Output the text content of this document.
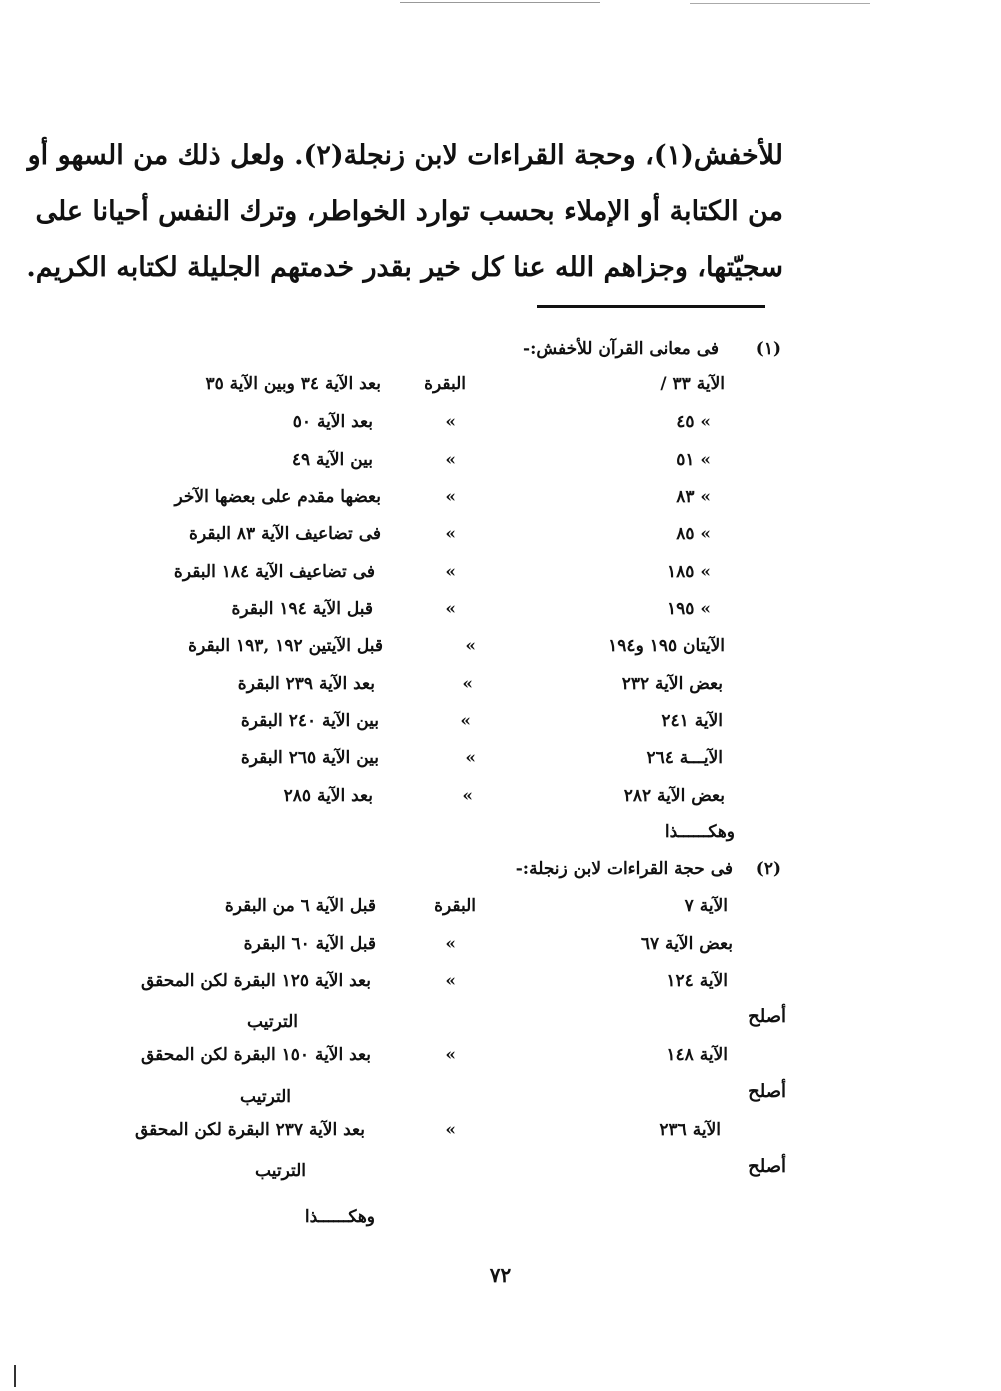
للأخفش(١)، وحجة القراءات لابن زنجلة(٢). ولعل ذلك من السهو أو
من الكتابة أو الإملاء بحسب توارد الخواطر، وترك النفس أحيانا على
سجيّتها، وجزاهم الله عنا كل خير بقدر خدمتهم الجليلة لكتابه الكريم.
(١)
فى معانى القرآن للأخفش:-
الآية ٣٣ /
البقرة
بعد الآية ٣٤ وبين الآية ٣٥
» ٤٥
»
بعد الآية ٥٠
» ٥١
»
بين الآية ٤٩
» ٨٣
»
بعضها مقدم على بعضها الآخر
» ٨٥
»
فى تضاعيف الآية ٨٣ البقرة
» ١٨٥
»
فى تضاعيف الآية ١٨٤ البقرة
» ١٩٥
»
قبل الآية ١٩٤ البقرة
الآيتان ١٩٥ و١٩٤
»
قبل الآيتين ١٩٢ ,١٩٣ البقرة
بعض الآية ٢٣٢
»
بعد الآية ٢٣٩ البقرة
الآية ٢٤١
»
بين الآية ٢٤٠ البقرة
الآيـــة ٢٦٤
»
بين الآية ٢٦٥ البقرة
بعض الآية ٢٨٢
»
بعد الآية ٢٨٥
وهكــــــذا
(٢)
فى حجة القراءات لابن زنجلة:-
الآية ٧
البقرة
قبل الآية ٦ من البقرة
بعض الآية ٦٧
»
قبل الآية ٦٠ البقرة
الآية ١٢٤
»
بعد الآية ١٢٥ البقرة لكن المحقق
أصلح
الترتيب
الآية ١٤٨
»
بعد الآية ١٥٠ البقرة لكن المحقق
أصلح
الترتيب
الآية ٢٣٦
»
بعد الآية ٢٣٧ البقرة لكن المحقق
أصلح
الترتيب
وهكــــــذا
٧٢
